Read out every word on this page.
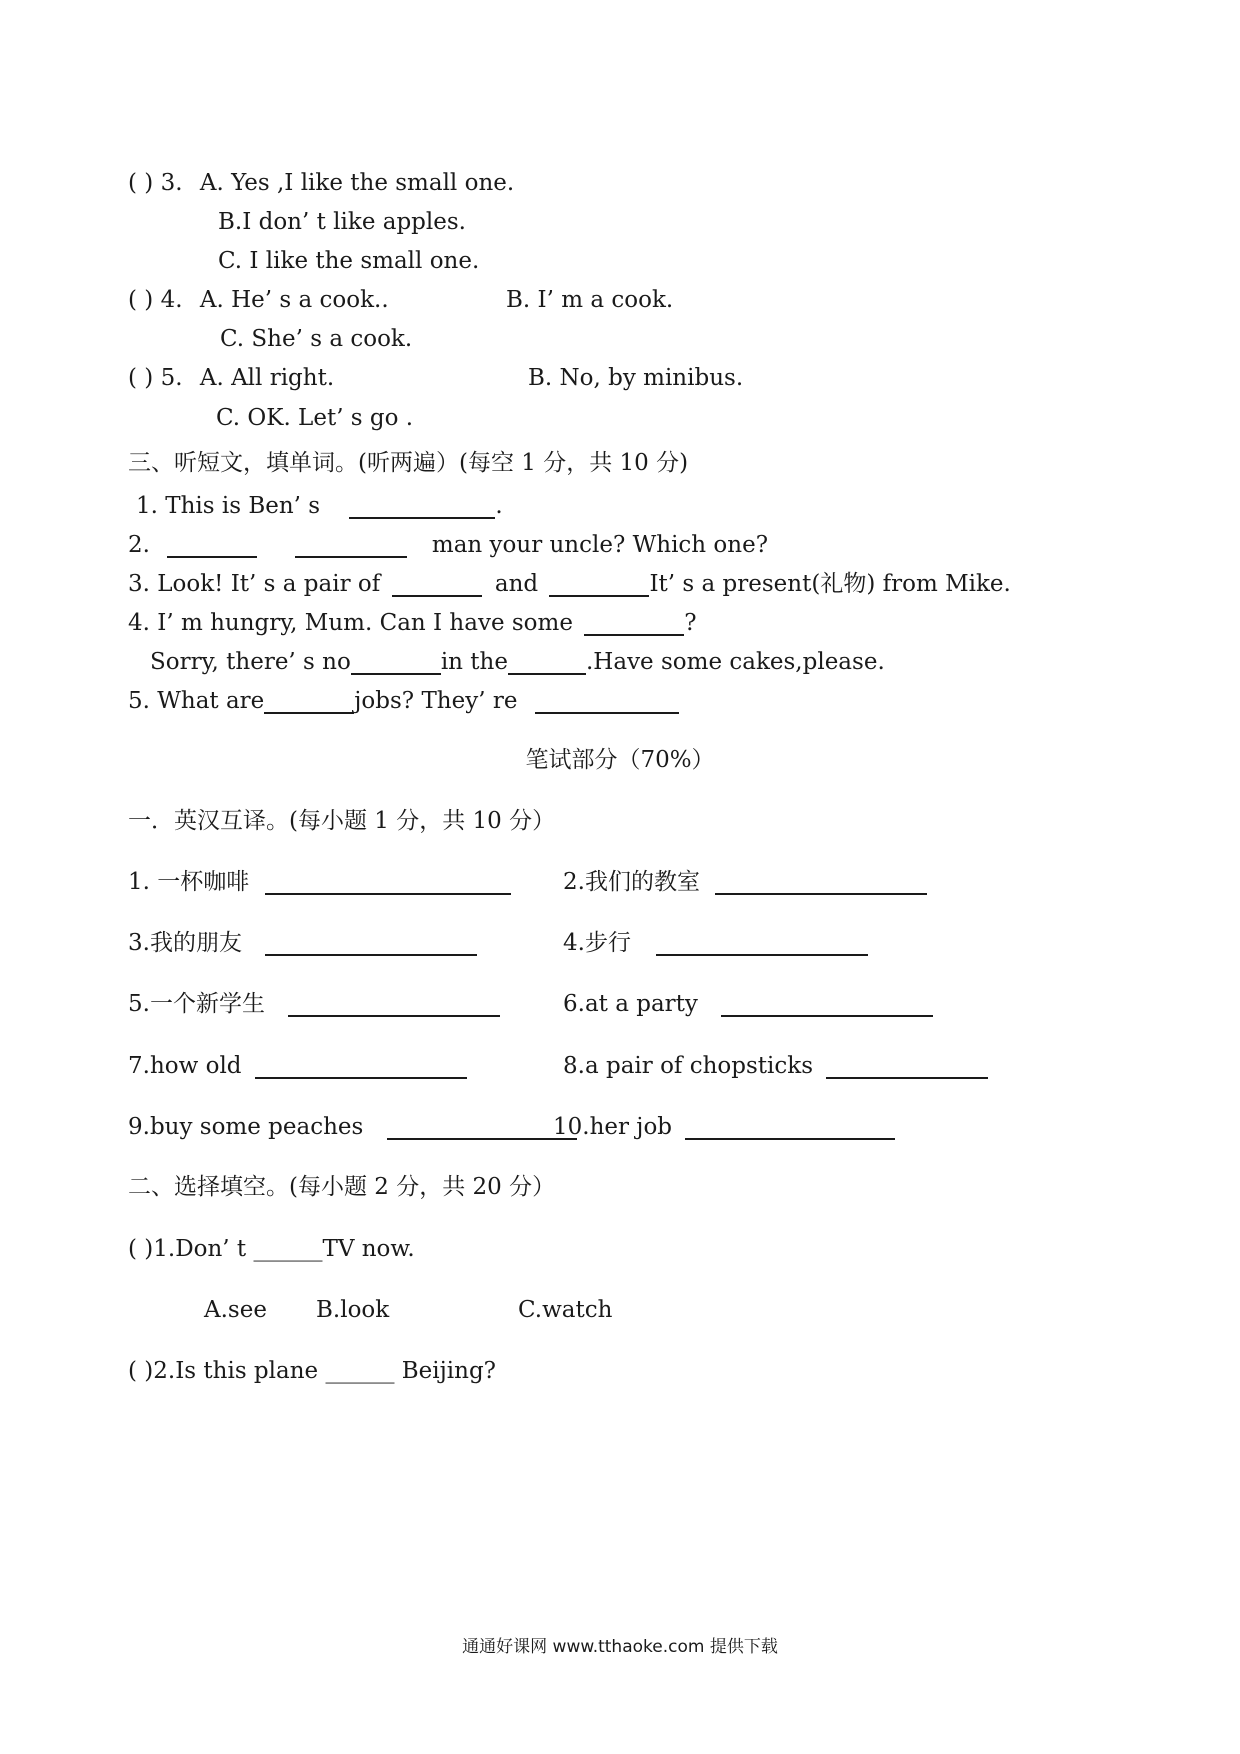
( ) 3. A. Yes ,I like the small one.
B.I don’ t like apples.
C. I like the small one.
( ) 4. A. He’ s a cook..	B. I’ m a cook.
C. She’ s a cook.
( ) 5. A. All right.	B. No, by minibus.
C. OK. Let’ s go .
三、听短文，填单词。(听两遍）(每空 1 分，共 10 分)
1. This is Ben’ s	.
2.	man your uncle? Which one?
3. Look! It’ s a pair of	and	It’ s a present(礼物) from Mike.
4. I’ m hungry, Mum. Can I have some	?
Sorry, there’ s no	in the	.Have some cakes,please.
5. What are	jobs? They’ re
笔试部分（70%）
一．英汉互译。(每小题 1 分，共 10 分）
1. 一杯咖啡	2.我们的教室
3.我的朋友	4.步行
5.一个新学生	6.at a party
7.how old	8.a pair of chopsticks
9.buy some peaches	10.her job
二、选择填空。(每小题 2 分，共 20 分）
( )1.Don’ t ______TV now.
A.see B.look	C.watch
( )2.Is this plane ______ Beijing?
通通好课网 www.tthaoke.com 提供下载
